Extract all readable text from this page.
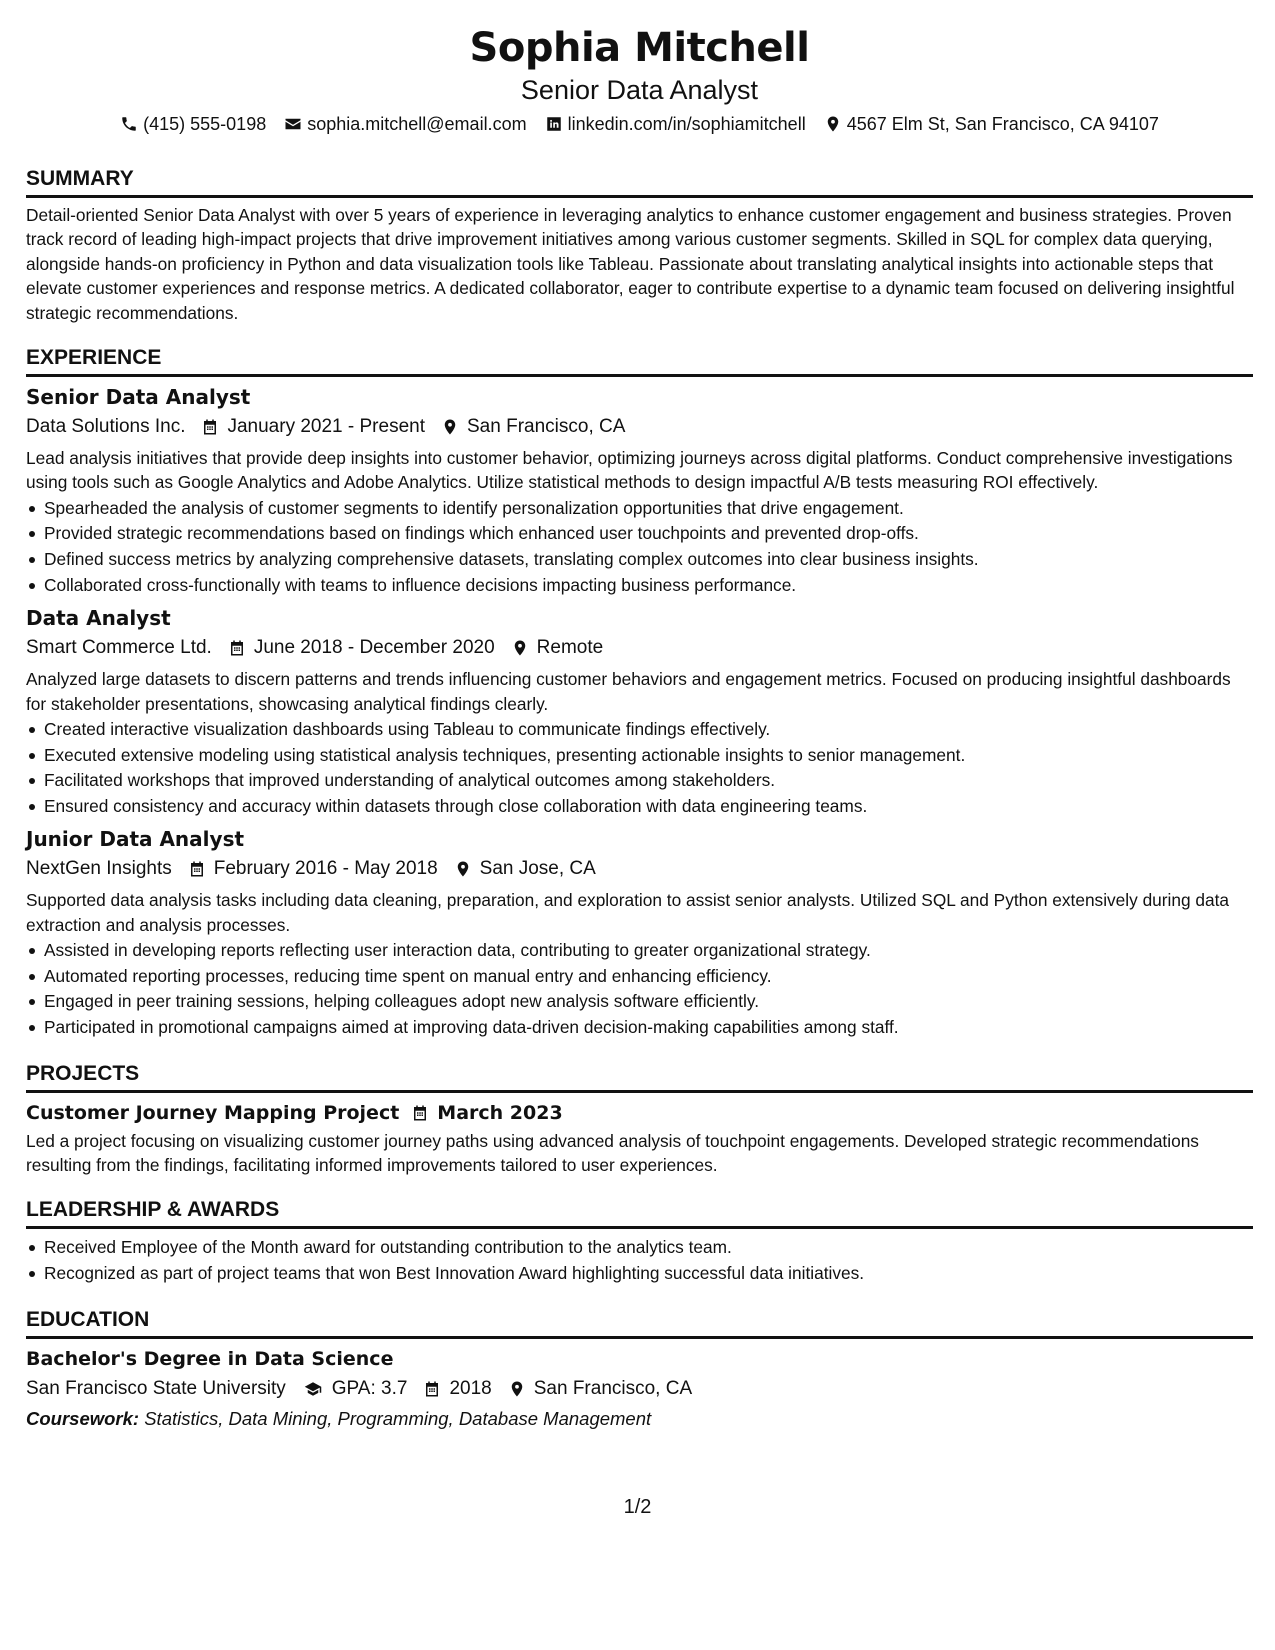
Sophia Mitchell
Senior Data Analyst
(415) 555-0198 sophia.mitchell@email.com linkedin.com/in/sophiamitchell 4567 Elm St, San Francisco, CA 94107
SUMMARY
Detail-oriented Senior Data Analyst with over 5 years of experience in leveraging analytics to enhance customer engagement and business strategies. Proven track record of leading high-impact projects that drive improvement initiatives among various customer segments. Skilled in SQL for complex data querying, alongside hands-on proficiency in Python and data visualization tools like Tableau. Passionate about translating analytical insights into actionable steps that elevate customer experiences and response metrics. A dedicated collaborator, eager to contribute expertise to a dynamic team focused on delivering insightful strategic recommendations.
EXPERIENCE
Senior Data Analyst
Data Solutions Inc. January 2021 - Present San Francisco, CA
Lead analysis initiatives that provide deep insights into customer behavior, optimizing journeys across digital platforms. Conduct comprehensive investigations using tools such as Google Analytics and Adobe Analytics. Utilize statistical methods to design impactful A/B tests measuring ROI effectively.
Spearheaded the analysis of customer segments to identify personalization opportunities that drive engagement.
Provided strategic recommendations based on findings which enhanced user touchpoints and prevented drop-offs.
Defined success metrics by analyzing comprehensive datasets, translating complex outcomes into clear business insights.
Collaborated cross-functionally with teams to influence decisions impacting business performance.
Data Analyst
Smart Commerce Ltd. June 2018 - December 2020 Remote
Analyzed large datasets to discern patterns and trends influencing customer behaviors and engagement metrics. Focused on producing insightful dashboards for stakeholder presentations, showcasing analytical findings clearly.
Created interactive visualization dashboards using Tableau to communicate findings effectively.
Executed extensive modeling using statistical analysis techniques, presenting actionable insights to senior management.
Facilitated workshops that improved understanding of analytical outcomes among stakeholders.
Ensured consistency and accuracy within datasets through close collaboration with data engineering teams.
Junior Data Analyst
NextGen Insights February 2016 - May 2018 San Jose, CA
Supported data analysis tasks including data cleaning, preparation, and exploration to assist senior analysts. Utilized SQL and Python extensively during data extraction and analysis processes.
Assisted in developing reports reflecting user interaction data, contributing to greater organizational strategy.
Automated reporting processes, reducing time spent on manual entry and enhancing efficiency.
Engaged in peer training sessions, helping colleagues adopt new analysis software efficiently.
Participated in promotional campaigns aimed at improving data-driven decision-making capabilities among staff.
PROJECTS
Customer Journey Mapping Project March 2023
Led a project focusing on visualizing customer journey paths using advanced analysis of touchpoint engagements. Developed strategic recommendations resulting from the findings, facilitating informed improvements tailored to user experiences.
LEADERSHIP & AWARDS
Received Employee of the Month award for outstanding contribution to the analytics team.
Recognized as part of project teams that won Best Innovation Award highlighting successful data initiatives.
EDUCATION
Bachelor's Degree in Data Science
San Francisco State University GPA: 3.7 2018 San Francisco, CA
Coursework: Statistics, Data Mining, Programming, Database Management
1/2
